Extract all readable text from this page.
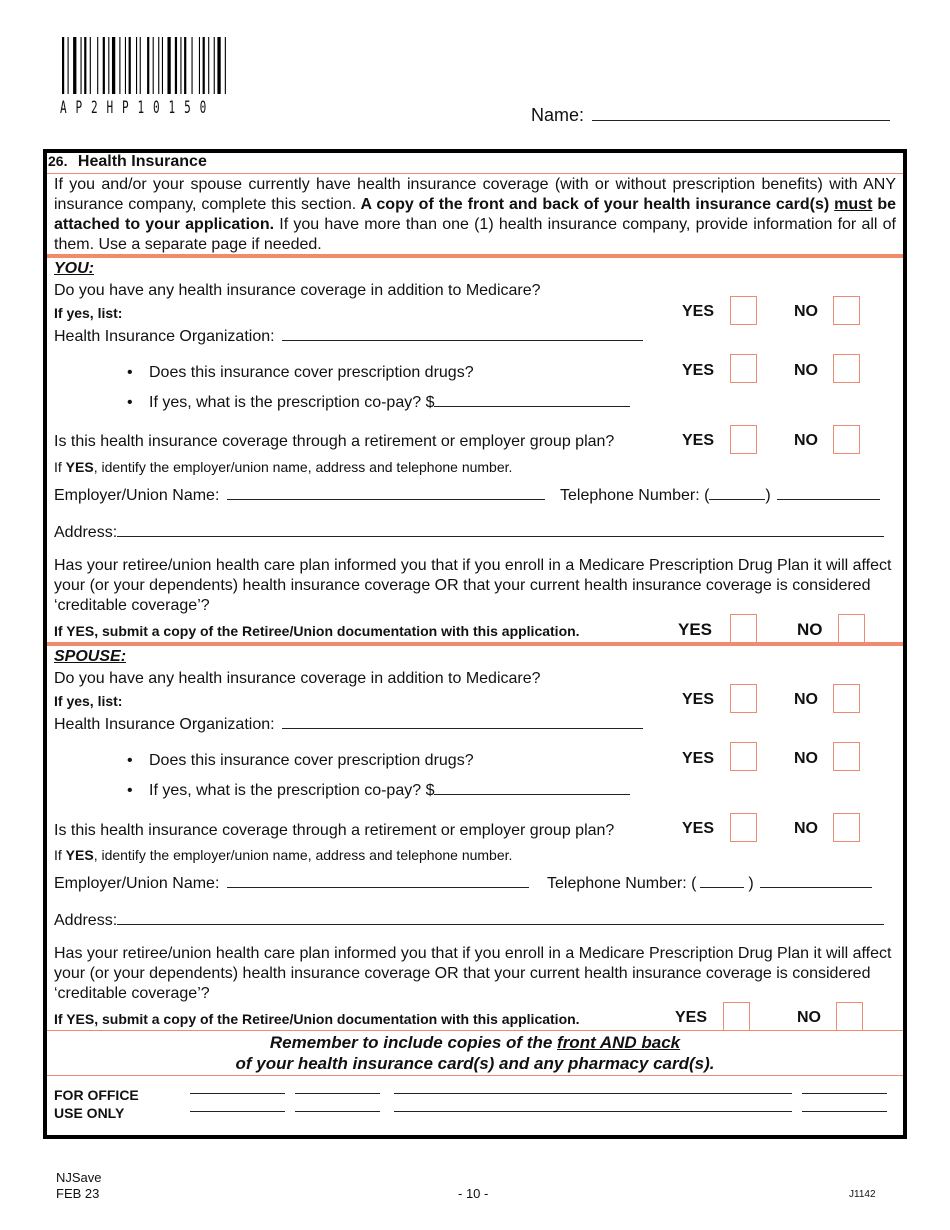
A P 2 H P 1 0 1 5 0	Name:
26. Health Insurance
If you and/or your spouse currently have health insurance coverage (with or without prescription benefits) with ANY insurance company, complete this section. A copy of the front and back of your health insurance card(s) must be attached to your application. If you have more than one (1) health insurance company, provide information for all of them. Use a separate page if needed.
YOU:
Do you have any health insurance coverage in addition to Medicare?
If yes, list:	YES	NO
Health Insurance Organization:
• Does this insurance cover prescription drugs?	YES	NO
• If yes, what is the prescription co-pay? $
Is this health insurance coverage through a retirement or employer group plan?	YES	NO
If YES, identify the employer/union name, address and telephone number.
Employer/Union Name:	Telephone Number: (	)
Address:
Has your retiree/union health care plan informed you that if you enroll in a Medicare Prescription Drug Plan it will affect your (or your dependents) health insurance coverage OR that your current health insurance coverage is considered ‘creditable coverage’?
If YES, submit a copy of the Retiree/Union documentation with this application.	YES	NO
SPOUSE:
Do you have any health insurance coverage in addition to Medicare?
If yes, list:	YES	NO
Health Insurance Organization:
• Does this insurance cover prescription drugs?	YES	NO
• If yes, what is the prescription co-pay? $
Is this health insurance coverage through a retirement or employer group plan?	YES	NO
If YES, identify the employer/union name, address and telephone number.
Employer/Union Name:	Telephone Number: (	)
Address:
Has your retiree/union health care plan informed you that if you enroll in a Medicare Prescription Drug Plan it will affect your (or your dependents) health insurance coverage OR that your current health insurance coverage is considered ‘creditable coverage’?
If YES, submit a copy of the Retiree/Union documentation with this application.	YES	NO
Remember to include copies of the front AND back
of your health insurance card(s) and any pharmacy card(s).
FOR OFFICE
USE ONLY
NJSave
FEB 23	- 10 -	J1142
